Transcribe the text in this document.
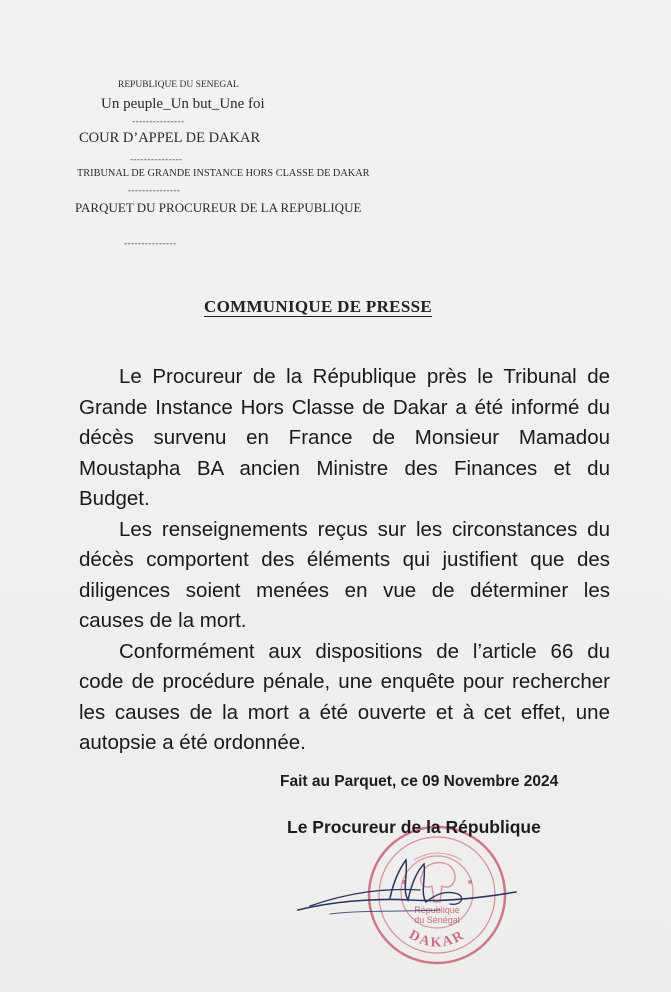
REPUBLIQUE DU SENEGAL
Un peuple_Un but_Une foi
---------------
COUR D’APPEL DE DAKAR
---------------
TRIBUNAL DE GRANDE INSTANCE HORS CLASSE DE DAKAR
---------------
PARQUET DU PROCUREUR DE LA REPUBLIQUE
---------------
COMMUNIQUE DE PRESSE

Le Procureur de la République près le Tribunal de Grande Instance Hors Classe de Dakar a été informé du décès survenu en France de Monsieur Mamadou Moustapha BA ancien Ministre des Finances et du Budget.

Les renseignements reçus sur les circonstances du décès comportent des éléments qui justifient que des diligences soient menées en vue de déterminer les causes de la mort.

Conformément aux dispositions de l’article 66 du code de procédure pénale, une enquête pour rechercher les causes de la mort a été ouverte et à cet effet, une autopsie a été ordonnée.

Fait au Parquet, ce 09 Novembre 2024
République
du Sénégal
DAKAR
Le Procureur de la République
